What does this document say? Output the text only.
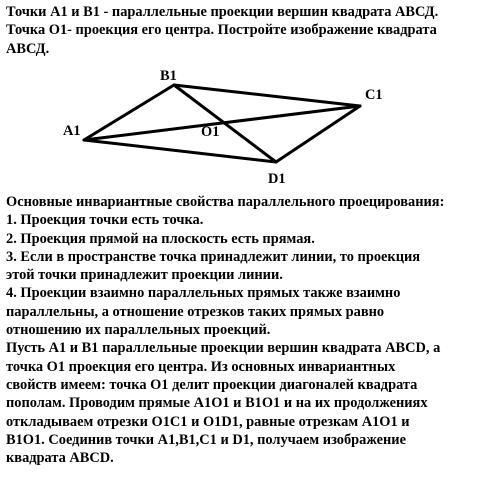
Точки А1 и В1 - параллельные проекции вершин квадрата АВСД.
Точка О1- проекция его центра. Постройте изображение квадрата
АВСД.

B1
C1
A1	O1
D1

Основные инвариантные свойства параллельного проецирования:
1. Проекция точки есть точка.
2. Проекция прямой на плоскость есть прямая.
3. Если в пространстве точка принадлежит линии, то проекция
этой точки принадлежит проекции линии.
4. Проекции взаимно параллельных прямых также взаимно
параллельны, а отношение отрезков таких прямых равно
отношению их параллельных проекций.
Пусть А1 и В1 параллельные проекции вершин квадрата ABCD, а
точка О1 проекция его центра. Из основных инвариантных
свойств имеем: точка О1 делит проекции диагоналей квадрата
пополам. Проводим прямые А1О1 и В1О1 и на их продолжениях
откладываем отрезки О1С1 и О1D1, равные отрезкам А1О1 и
В1О1. Соединив точки А1,В1,С1 и D1, получаем изображение
квадрата ABCD.
